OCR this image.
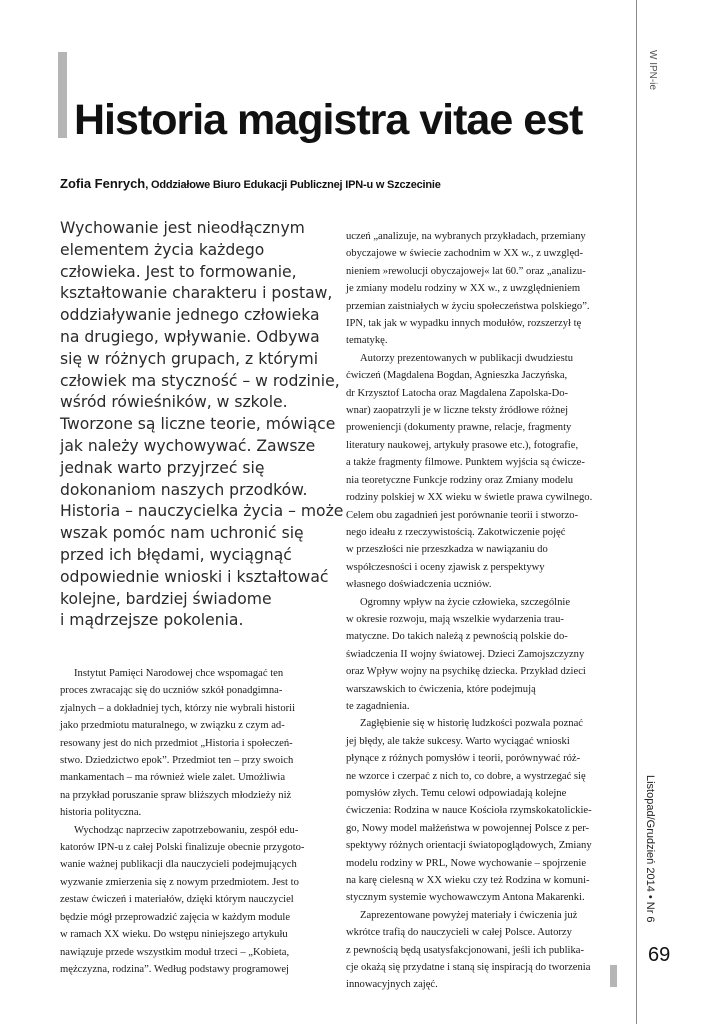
Historia magistra vitae est
Zofia Fenrych, Oddziałowe Biuro Edukacji Publicznej IPN-u w Szczecinie
Wychowanie jest nieodłącznym
elementem życia każdego
człowieka. Jest to formowanie,
kształtowanie charakteru i postaw,
oddziaływanie jednego człowieka
na drugiego, wpływanie. Odbywa
się w różnych grupach, z którymi
człowiek ma styczność – w rodzinie,
wśród rówieśników, w szkole.
Tworzone są liczne teorie, mówiące
jak należy wychowywać. Zawsze
jednak warto przyjrzeć się
dokonaniom naszych przodków.
Historia – nauczycielka życia – może
wszak pomóc nam uchronić się
przed ich błędami, wyciągnąć
odpowiednie wnioski i kształtować
kolejne, bardziej świadome
i mądrzejsze pokolenia.
Instytut Pamięci Narodowej chce wspomagać ten
proces zwracając się do uczniów szkół ponadgimna-
zjalnych – a dokładniej tych, którzy nie wybrali historii
jako przedmiotu maturalnego, w związku z czym ad-
resowany jest do nich przedmiot „Historia i społeczeń-
stwo. Dziedzictwo epok”. Przedmiot ten – przy swoich
mankamentach – ma również wiele zalet. Umożliwia
na przykład poruszanie spraw bliższych młodzieży niż
historia polityczna.
Wychodząc naprzeciw zapotrzebowaniu, zespół edu-
katorów IPN-u z całej Polski finalizuje obecnie przygoto-
wanie ważnej publikacji dla nauczycieli podejmujących
wyzwanie zmierzenia się z nowym przedmiotem. Jest to
zestaw ćwiczeń i materiałów, dzięki którym nauczyciel
będzie mógł przeprowadzić zajęcia w każdym module
w ramach XX wieku. Do wstępu niniejszego artykułu
nawiązuje przede wszystkim moduł trzeci – „Kobieta,
mężczyzna, rodzina”. Według podstawy programowej
uczeń „analizuje, na wybranych przykładach, przemiany
obyczajowe w świecie zachodnim w XX w., z uwzględ-
nieniem »rewolucji obyczajowej« lat 60.” oraz „analizu-
je zmiany modelu rodziny w XX w., z uwzględnieniem
przemian zaistniałych w życiu społeczeństwa polskiego”.
IPN, tak jak w wypadku innych modułów, rozszerzył tę
tematykę.
Autorzy prezentowanych w publikacji dwudziestu
ćwiczeń (Magdalena Bogdan, Agnieszka Jaczyńska,
dr Krzysztof Latocha oraz Magdalena Zapolska-Do-
wnar) zaopatrzyli je w liczne teksty źródłowe różnej
proweniencji (dokumenty prawne, relacje, fragmenty
literatury naukowej, artykuły prasowe etc.), fotografie,
a także fragmenty filmowe. Punktem wyjścia są ćwicze-
nia teoretyczne Funkcje rodziny oraz Zmiany modelu
rodziny polskiej w XX wieku w świetle prawa cywilnego.
Celem obu zagadnień jest porównanie teorii i stworzo-
nego ideału z rzeczywistością. Zakotwiczenie pojęć
w przeszłości nie przeszkadza w nawiązaniu do
współczesności i oceny zjawisk z perspektywy
własnego doświadczenia uczniów.
Ogromny wpływ na życie człowieka, szczególnie
w okresie rozwoju, mają wszelkie wydarzenia trau-
matyczne. Do takich należą z pewnością polskie do-
świadczenia II wojny światowej. Dzieci Zamojszczyzny
oraz Wpływ wojny na psychikę dziecka. Przykład dzieci
warszawskich to ćwiczenia, które podejmują
te zagadnienia.
Zagłębienie się w historię ludzkości pozwala poznać
jej błędy, ale także sukcesy. Warto wyciągać wnioski
płynące z różnych pomysłów i teorii, porównywać róż-
ne wzorce i czerpać z nich to, co dobre, a wystrzegać się
pomysłów złych. Temu celowi odpowiadają kolejne
ćwiczenia: Rodzina w nauce Kościoła rzymskokatolickie-
go, Nowy model małżeństwa w powojennej Polsce z per-
spektywy różnych orientacji światopoglądowych, Zmiany
modelu rodziny w PRL, Nowe wychowanie – spojrzenie
na karę cielesną w XX wieku czy też Rodzina w komuni-
stycznym systemie wychowawczym Antona Makarenki.
Zaprezentowane powyżej materiały i ćwiczenia już
wkrótce trafią do nauczycieli w całej Polsce. Autorzy
z pewnością będą usatysfakcjonowani, jeśli ich publika-
cje okażą się przydatne i staną się inspiracją do tworzenia
innowacyjnych zajęć.
W IPN-ie
Listopad/Grudzień 2014 • Nr 6
69
